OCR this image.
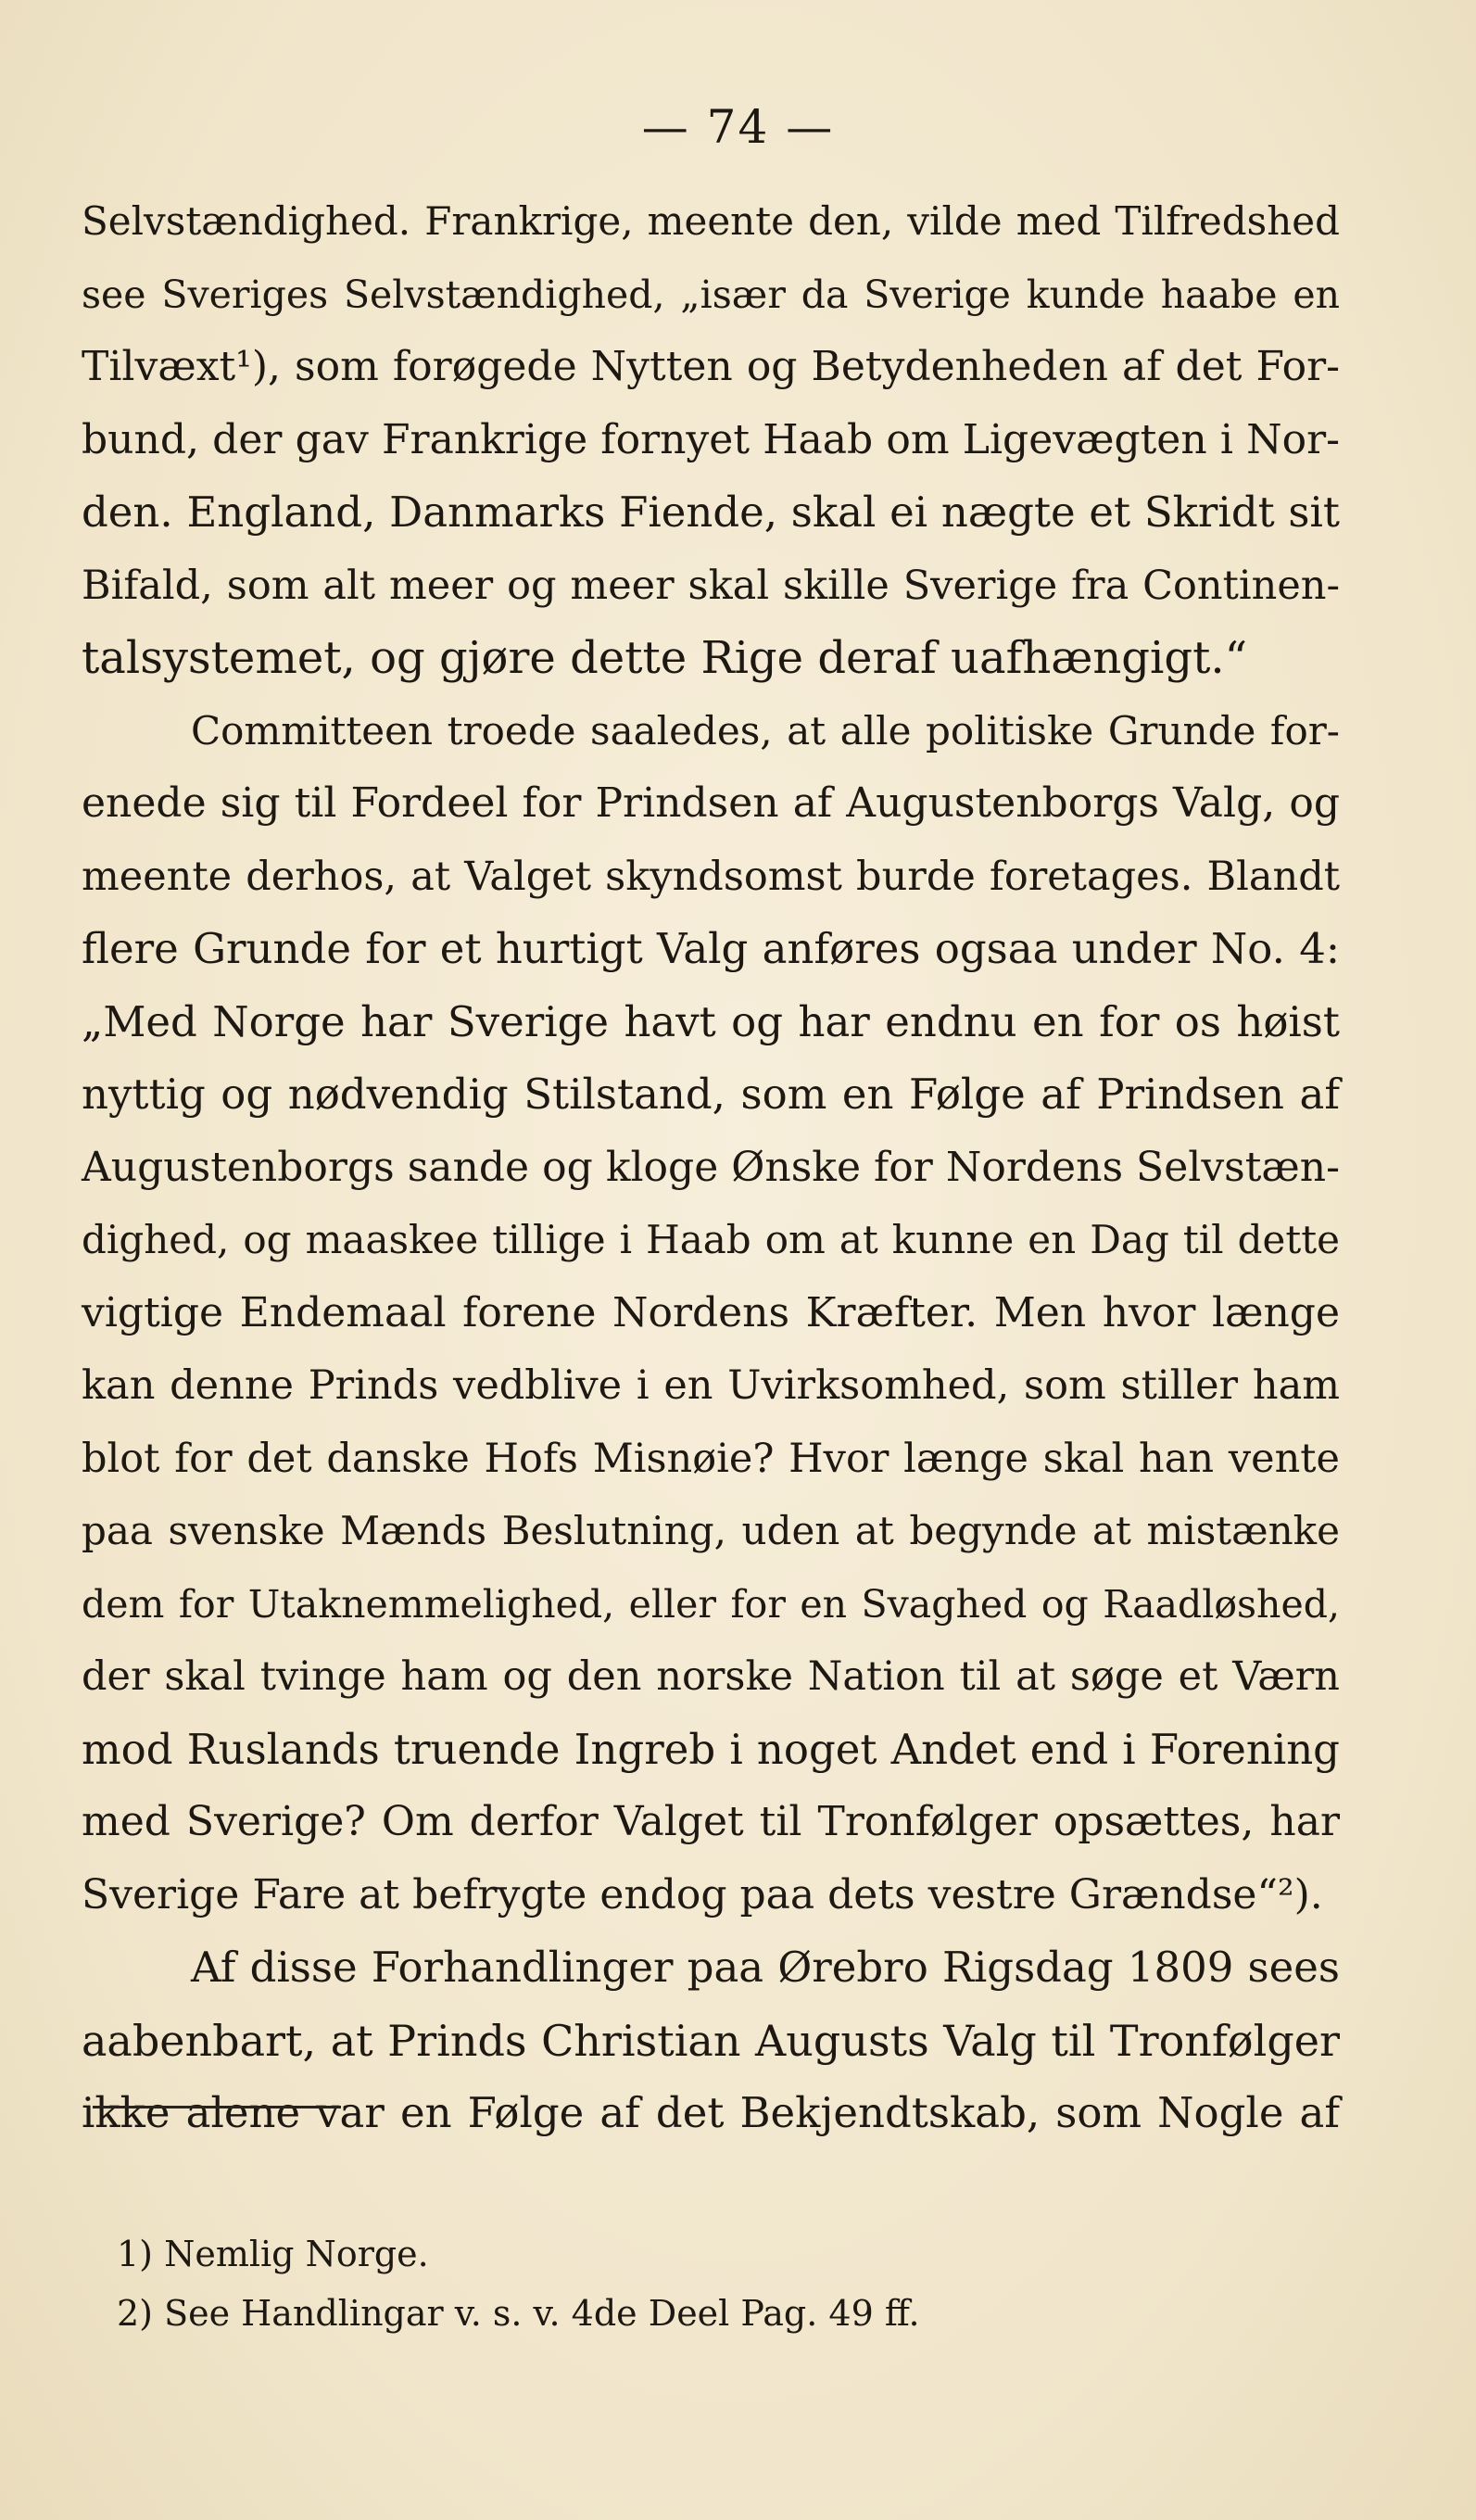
— 74 —
Selvstændighed. Frankrige, meente den, vilde med Tilfredshed
see Sveriges Selvstændighed, „især da Sverige kunde haabe en
Tilvæxt¹), som forøgede Nytten og Betydenheden af det For-
bund, der gav Frankrige fornyet Haab om Ligevægten i Nor-
den. England, Danmarks Fiende, skal ei nægte et Skridt sit
Bifald, som alt meer og meer skal skille Sverige fra Continen-
talsystemet, og gjøre dette Rige deraf uafhængigt.“
Committeen troede saaledes, at alle politiske Grunde for-
enede sig til Fordeel for Prindsen af Augustenborgs Valg, og
meente derhos, at Valget skyndsomst burde foretages. Blandt
flere Grunde for et hurtigt Valg anføres ogsaa under No. 4:
„Med Norge har Sverige havt og har endnu en for os høist
nyttig og nødvendig Stilstand, som en Følge af Prindsen af
Augustenborgs sande og kloge Ønske for Nordens Selvstæn-
dighed, og maaskee tillige i Haab om at kunne en Dag til dette
vigtige Endemaal forene Nordens Kræfter. Men hvor længe
kan denne Prinds vedblive i en Uvirksomhed, som stiller ham
blot for det danske Hofs Misnøie? Hvor længe skal han vente
paa svenske Mænds Beslutning, uden at begynde at mistænke
dem for Utaknemmelighed, eller for en Svaghed og Raadløshed,
der skal tvinge ham og den norske Nation til at søge et Værn
mod Ruslands truende Ingreb i noget Andet end i Forening
med Sverige? Om derfor Valget til Tronfølger opsættes, har
Sverige Fare at befrygte endog paa dets vestre Grændse“²).
Af disse Forhandlinger paa Ørebro Rigsdag 1809 sees
aabenbart, at Prinds Christian Augusts Valg til Tronfølger
ikke alene var en Følge af det Bekjendtskab, som Nogle af
1) Nemlig Norge.
2) See Handlingar v. s. v. 4de Deel Pag. 49 ff.
